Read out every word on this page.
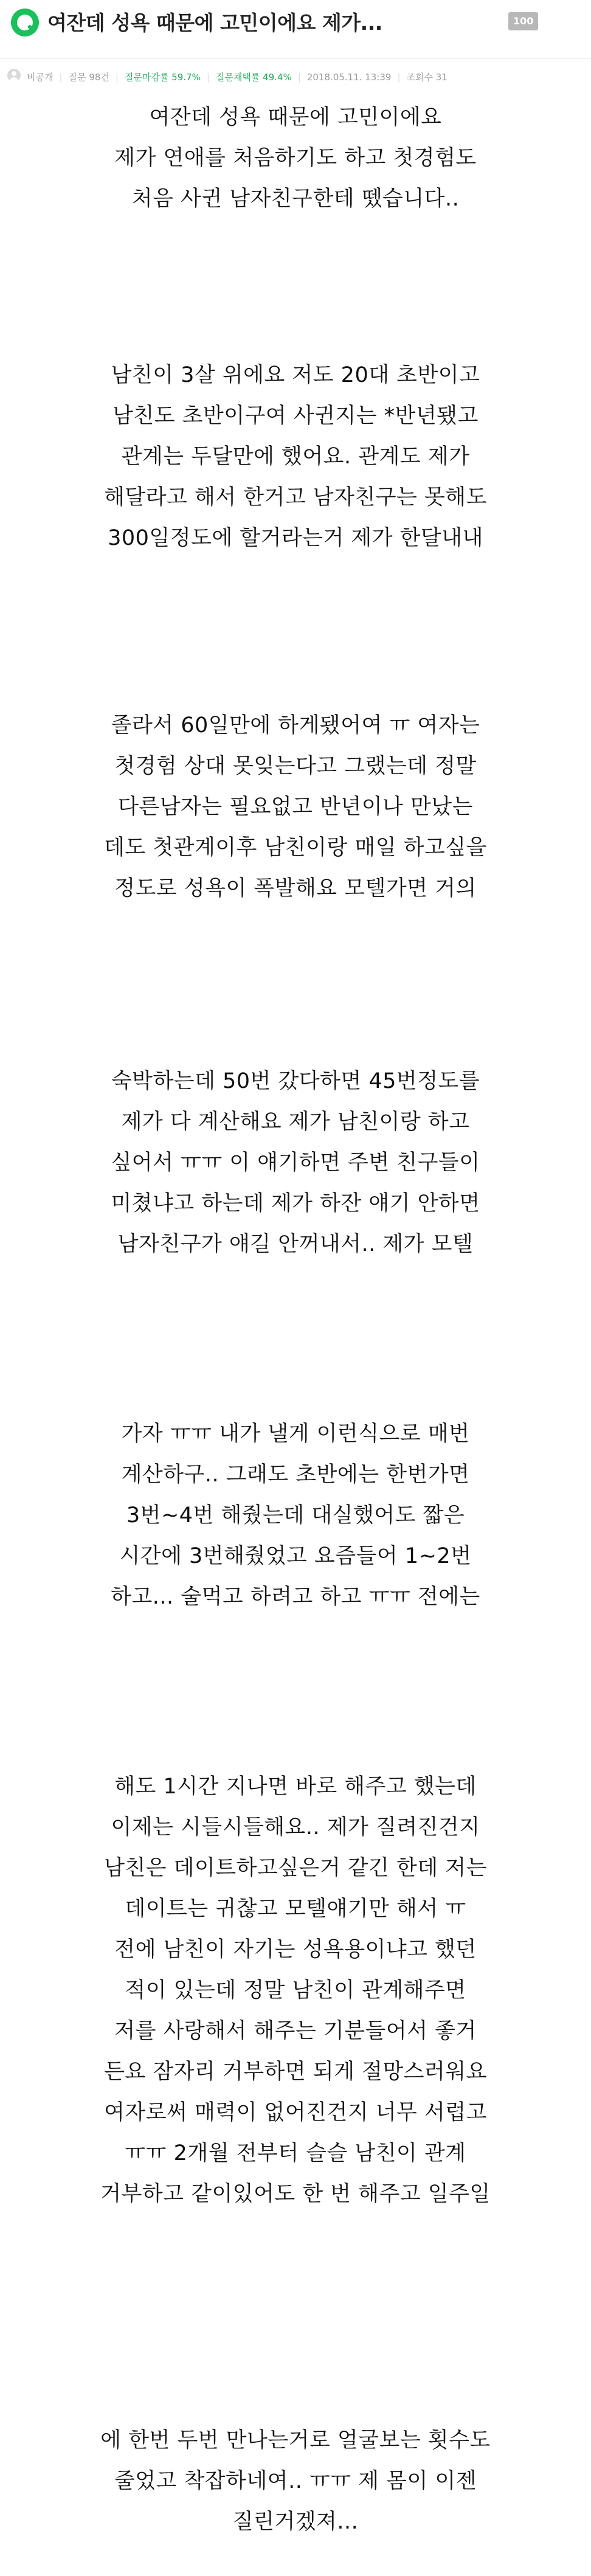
여잔데 성욕 때문에 고민이에요 제가...	100
비공개 | 질문 98건 | 질문마감률 59.7% | 질문채택률 49.4% | 2018.05.11. 13:39 | 조회수 31
여잔데 성욕 때문에 고민이에요
제가 연애를 처음하기도 하고 첫경험도
처음 사귄 남자친구한테 뗐습니다..
남친이 3살 위에요 저도 20대 초반이고
남친도 초반이구여 사귄지는 *반년됐고
관계는 두달만에 했어요. 관계도 제가
해달라고 해서 한거고 남자친구는 못해도
300일정도에 할거라는거 제가 한달내내
졸라서 60일만에 하게됐어여 ㅠ 여자는
첫경험 상대 못잊는다고 그랬는데 정말
다른남자는 필요없고 반년이나 만났는
데도 첫관계이후 남친이랑 매일 하고싶을
정도로 성욕이 폭발해요 모텔가면 거의
숙박하는데 50번 갔다하면 45번정도를
제가 다 계산해요 제가 남친이랑 하고
싶어서 ㅠㅠ 이 얘기하면 주변 친구들이
미쳤냐고 하는데 제가 하잔 얘기 안하면
남자친구가 얘길 안꺼내서.. 제가 모텔
가자 ㅠㅠ 내가 낼게 이런식으로 매번
계산하구.. 그래도 초반에는 한번가면
3번~4번 해줬는데 대실했어도 짧은
시간에 3번해줬었고 요즘들어 1~2번
하고... 술먹고 하려고 하고 ㅠㅠ 전에는
해도 1시간 지나면 바로 해주고 했는데
이제는 시들시들해요.. 제가 질려진건지
남친은 데이트하고싶은거 같긴 한데 저는
데이트는 귀찮고 모텔얘기만 해서 ㅠ
전에 남친이 자기는 성욕용이냐고 했던
적이 있는데 정말 남친이 관계해주면
저를 사랑해서 해주는 기분들어서 좋거
든요 잠자리 거부하면 되게 절망스러워요
여자로써 매력이 없어진건지 너무 서럽고
ㅠㅠ 2개월 전부터 슬슬 남친이 관계
거부하고 같이있어도 한 번 해주고 일주일
에 한번 두번 만나는거로 얼굴보는 횟수도
줄었고 착잡하네여.. ㅠㅠ 제 몸이 이젠
질린거겠져...
